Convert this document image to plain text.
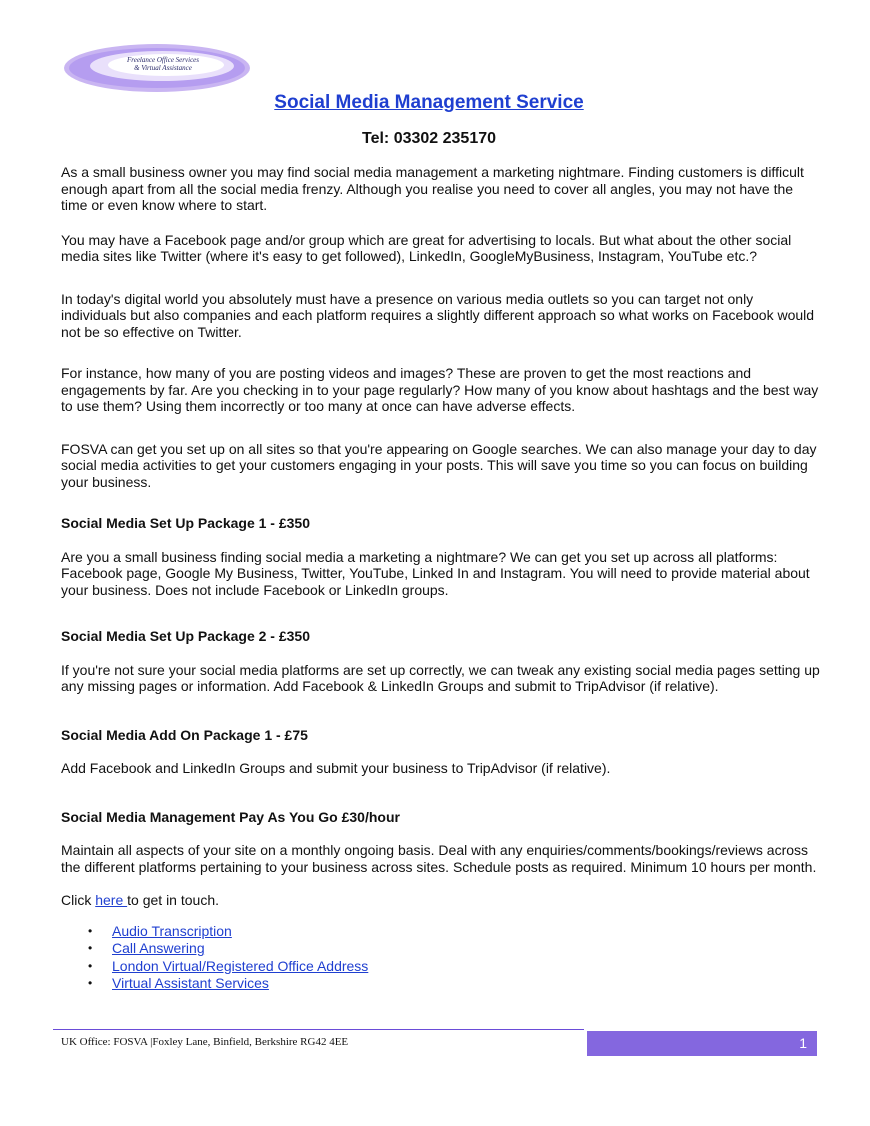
Freelance Office Services
& Virtual Assistance
Social Media Management Service
Tel: 03302 235170

As a small business owner you may find social media management a marketing nightmare. Finding customers is difficult enough apart from all the social media frenzy. Although you realise you need to cover all angles, you may not have the time or even know where to start.

You may have a Facebook page and/or group which are great for advertising to locals. But what about the other social media sites like Twitter (where it's easy to get followed), LinkedIn, GoogleMyBusiness, Instagram, YouTube etc.?

In today's digital world you absolutely must have a presence on various media outlets so you can target not only individuals but also companies and each platform requires a slightly different approach so what works on Facebook would not be so effective on Twitter.

For instance, how many of you are posting videos and images? These are proven to get the most reactions and engagements by far. Are you checking in to your page regularly? How many of you know about hashtags and the best way to use them? Using them incorrectly or too many at once can have adverse effects.

FOSVA can get you set up on all sites so that you're appearing on Google searches. We can also manage your day to day social media activities to get your customers engaging in your posts. This will save you time so you can focus on building your business.

Social Media Set Up Package 1 - £350

Are you a small business finding social media a marketing a nightmare? We can get you set up across all platforms: Facebook page, Google My Business, Twitter, YouTube, Linked In and Instagram. You will need to provide material about your business. Does not include Facebook or LinkedIn groups.

Social Media Set Up Package 2 - £350

If you're not sure your social media platforms are set up correctly, we can tweak any existing social media pages setting up any missing pages or information. Add Facebook & LinkedIn Groups and submit to TripAdvisor (if relative).

Social Media Add On Package 1 - £75

Add Facebook and LinkedIn Groups and submit your business to TripAdvisor (if relative).

Social Media Management Pay As You Go £30/hour

Maintain all aspects of your site on a monthly ongoing basis. Deal with any enquiries/comments/bookings/reviews across the different platforms pertaining to your business across sites. Schedule posts as required. Minimum 10 hours per month.

Click here to get in touch.

• Audio Transcription
• Call Answering
• London Virtual/Registered Office Address
• Virtual Assistant Services
UK Office: FOSVA |Foxley Lane, Binfield, Berkshire RG42 4EE	1
